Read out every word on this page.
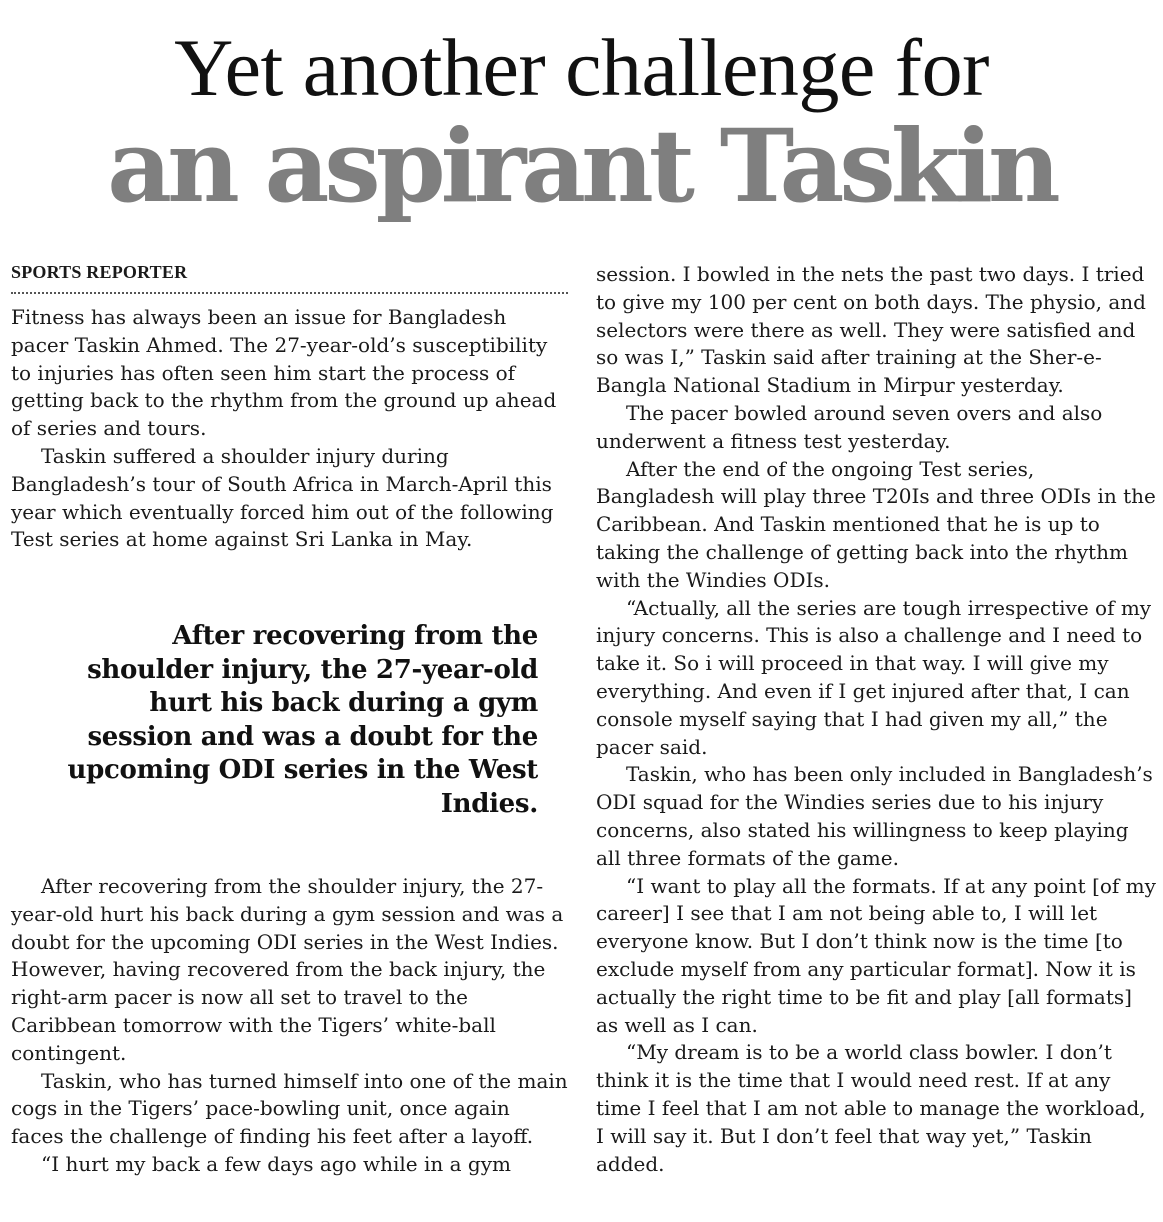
Yet another challenge for
an aspirant Taskin

SPORTS REPORTER

Fitness has always been an issue for Bangladesh pacer Taskin Ahmed. The 27-year-old’s susceptibility to injuries has often seen him start the process of getting back to the rhythm from the ground up ahead of series and tours.

Taskin suffered a shoulder injury during Bangladesh’s tour of South Africa in March-April this year which eventually forced him out of the following Test series at home against Sri Lanka in May.

After recovering from the shoulder injury, the 27-year-old hurt his back during a gym session and was a doubt for the upcoming ODI series in the West Indies.

After recovering from the shoulder injury, the 27-year-old hurt his back during a gym session and was a doubt for the upcoming ODI series in the West Indies. However, having recovered from the back injury, the right-arm pacer is now all set to travel to the Caribbean tomorrow with the Tigers’ white-ball contingent.

Taskin, who has turned himself into one of the main cogs in the Tigers’ pace-bowling unit, once again faces the challenge of finding his feet after a layoff.

“I hurt my back a few days ago while in a gym

session. I bowled in the nets the past two days. I tried to give my 100 per cent on both days. The physio, and selectors were there as well. They were satisfied and so was I,” Taskin said after training at the Sher-e-Bangla National Stadium in Mirpur yesterday.

The pacer bowled around seven overs and also underwent a fitness test yesterday.

After the end of the ongoing Test series, Bangladesh will play three T20Is and three ODIs in the Caribbean. And Taskin mentioned that he is up to taking the challenge of getting back into the rhythm with the Windies ODIs.

“Actually, all the series are tough irrespective of my injury concerns. This is also a challenge and I need to take it. So i will proceed in that way. I will give my everything. And even if I get injured after that, I can console myself saying that I had given my all,” the pacer said.

Taskin, who has been only included in Bangladesh’s ODI squad for the Windies series due to his injury concerns, also stated his willingness to keep playing all three formats of the game.

“I want to play all the formats. If at any point [of my career] I see that I am not being able to, I will let everyone know. But I don’t think now is the time [to exclude myself from any particular format]. Now it is actually the right time to be fit and play [all formats] as well as I can.

“My dream is to be a world class bowler. I don’t think it is the time that I would need rest. If at any time I feel that I am not able to manage the workload, I will say it. But I don’t feel that way yet,” Taskin added.
